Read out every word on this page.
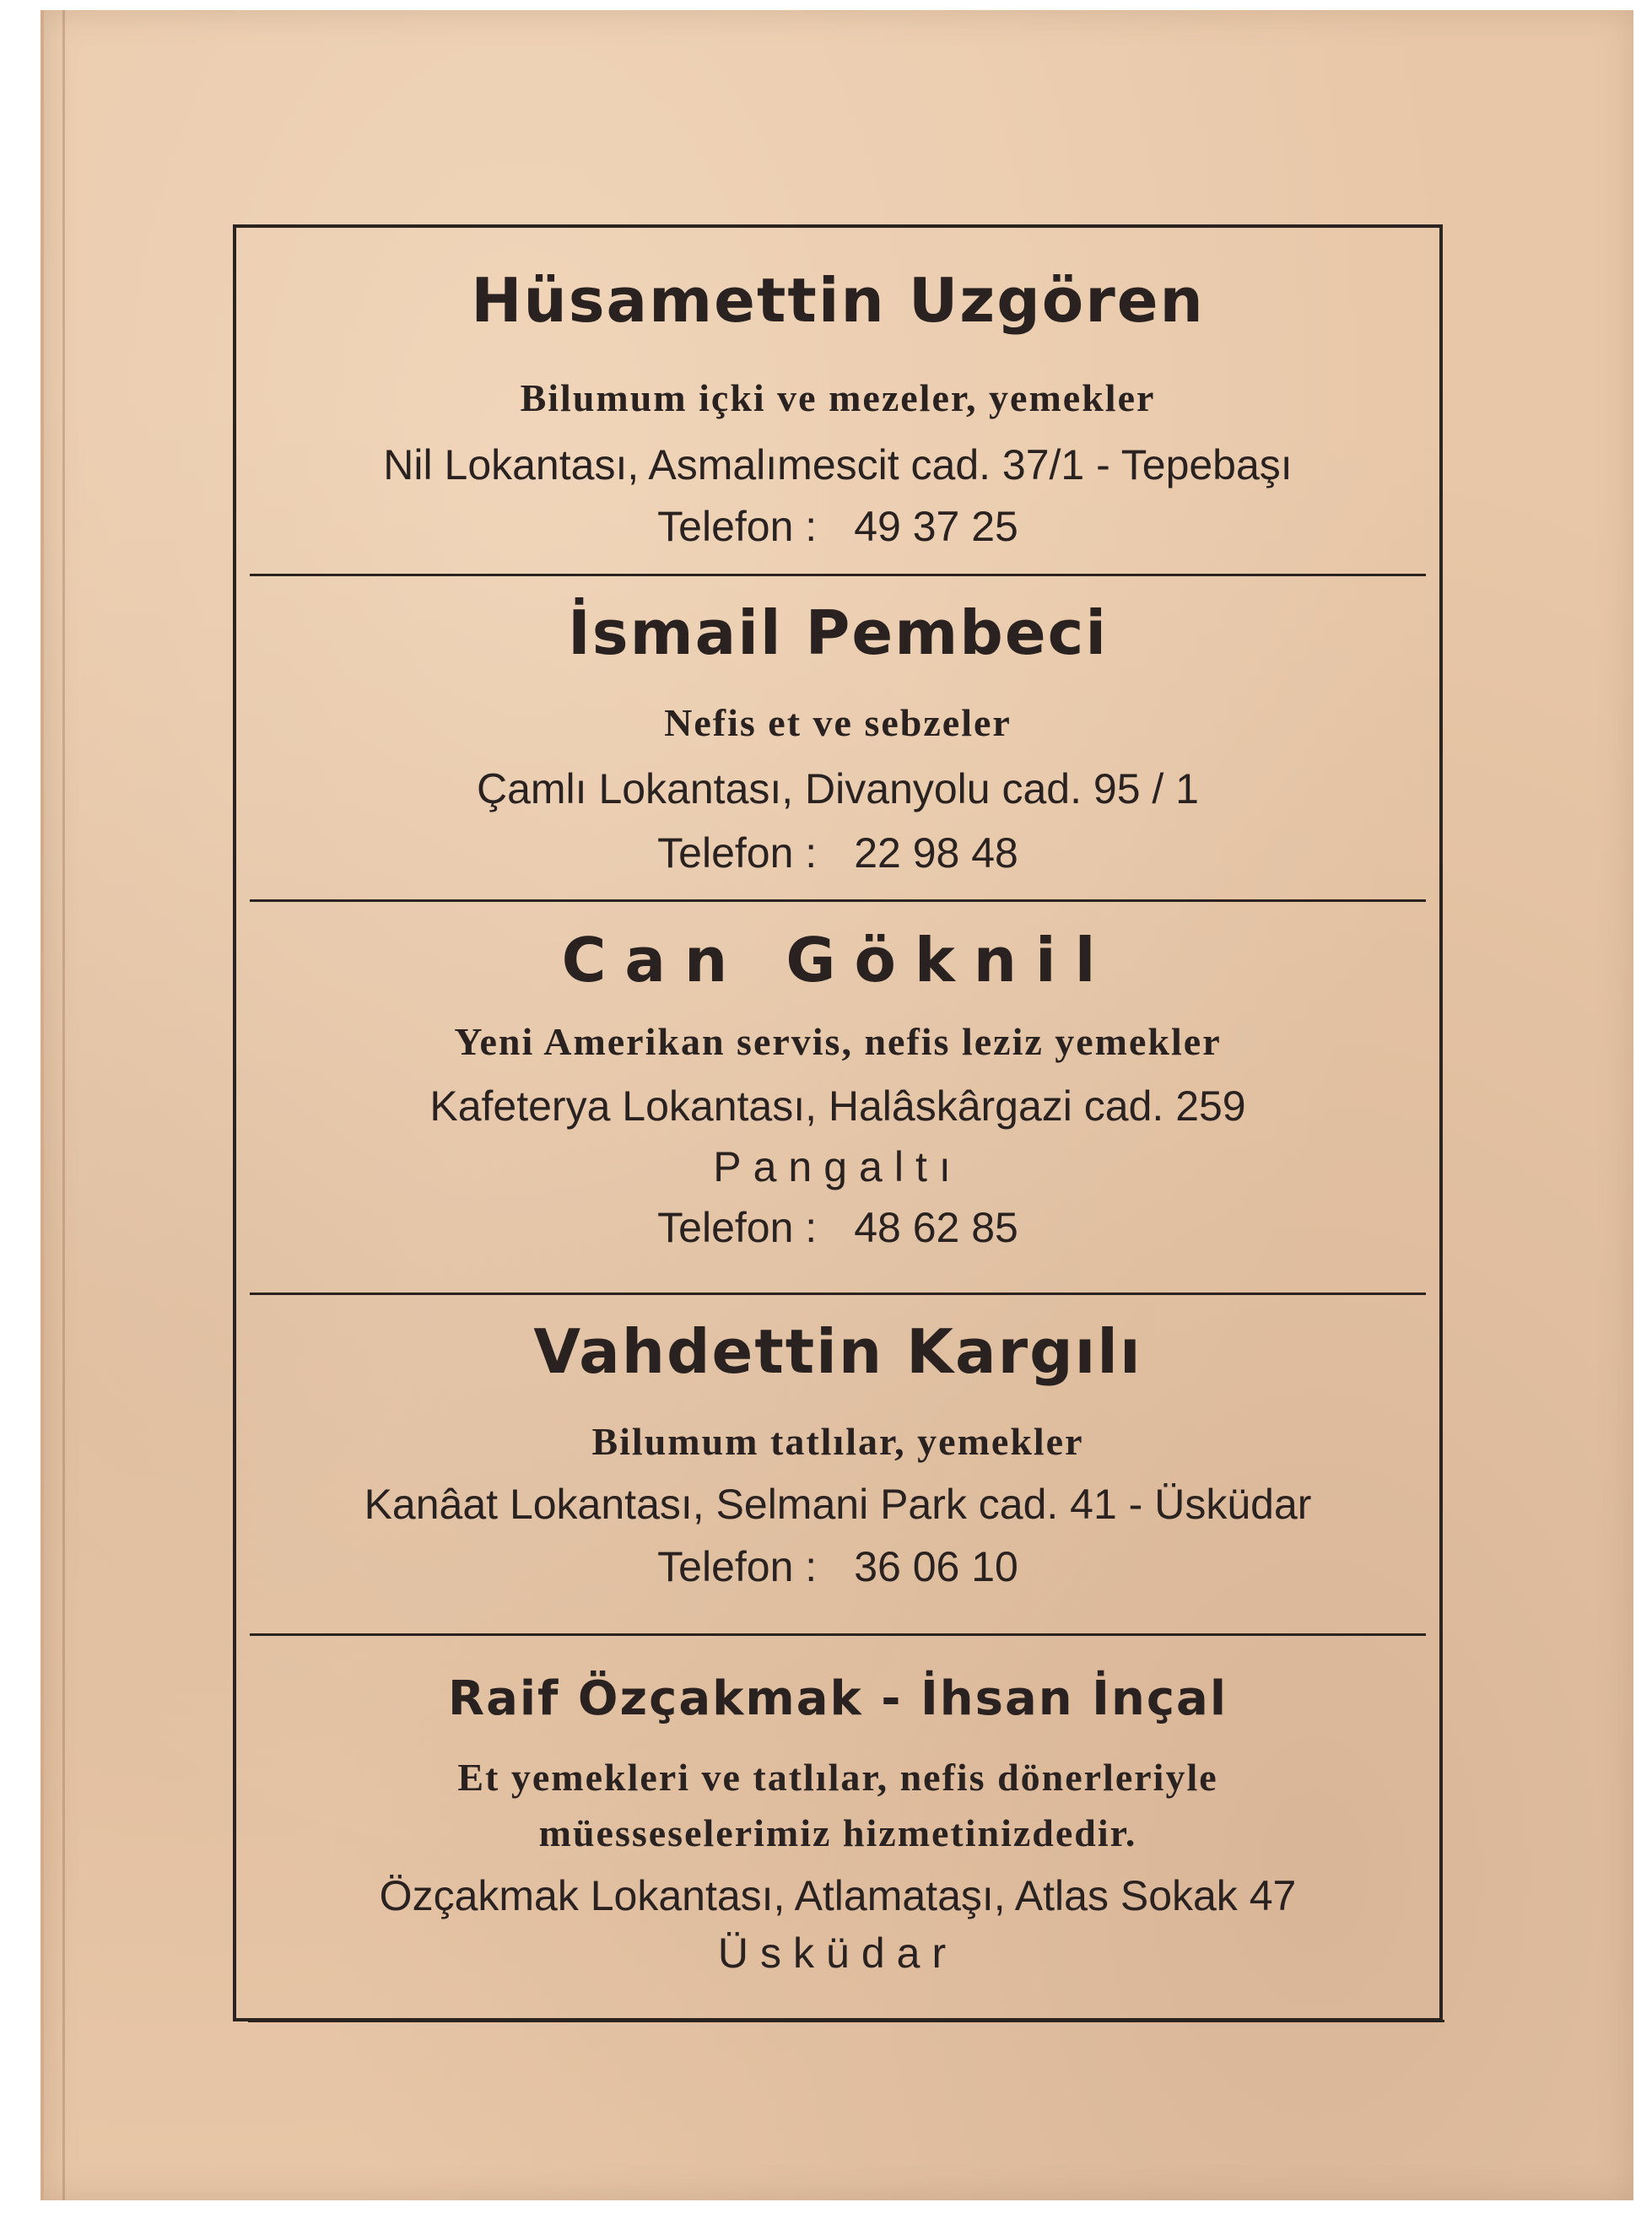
Hüsamettin Uzgören
Bilumum içki ve mezeler, yemekler
Nil Lokantası, Asmalımescit cad. 37/1 - Tepebaşı
Telefon : 49 37 25
İsmail Pembeci
Nefis et ve sebzeler
Çamlı Lokantası, Divanyolu cad. 95 / 1
Telefon : 22 98 48
Can Göknil
Yeni Amerikan servis, nefis leziz yemekler
Kafeterya Lokantası, Halâskârgazi cad. 259
Pangaltı
Telefon : 48 62 85
Vahdettin Kargılı
Bilumum tatlılar, yemekler
Kanâat Lokantası, Selmani Park cad. 41 - Üsküdar
Telefon : 36 06 10
Raif Özçakmak - İhsan İnçal
Et yemekleri ve tatlılar, nefis dönerleriyle
müesseselerimiz hizmetinizdedir.
Özçakmak Lokantası, Atlamataşı, Atlas Sokak 47
Üsküdar
